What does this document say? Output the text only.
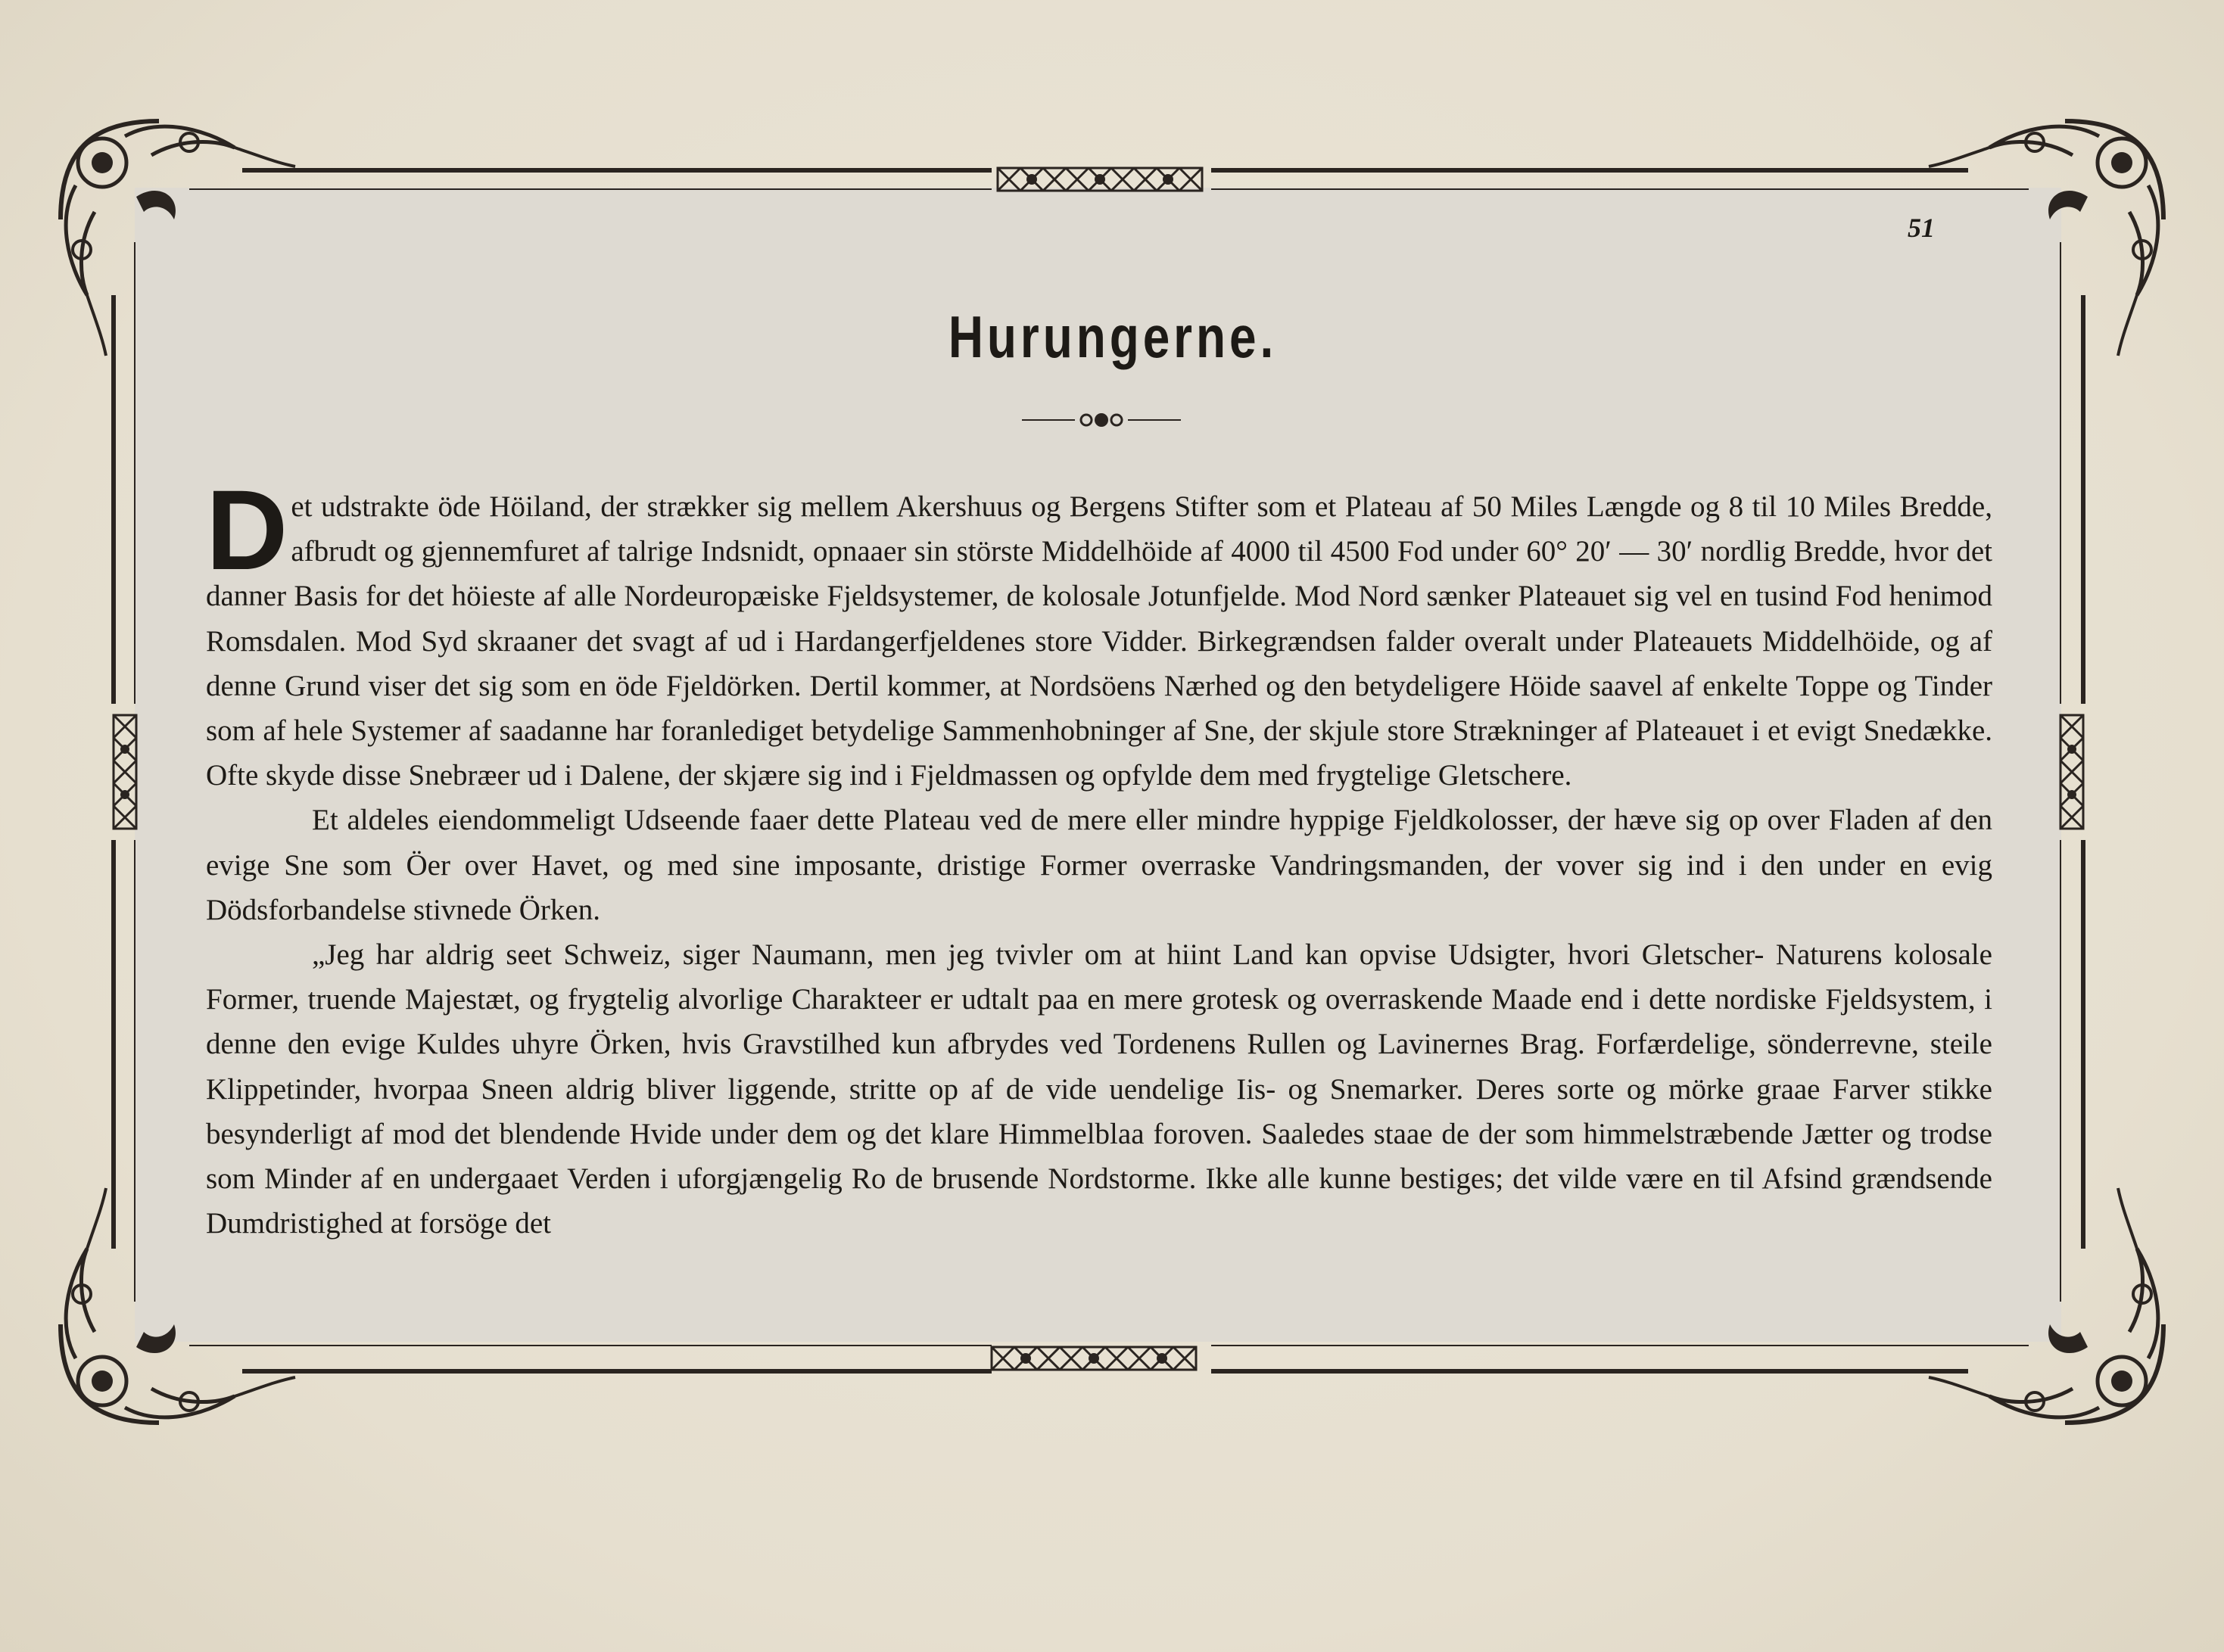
51
Hurungerne.

Det udstrakte öde Höiland, der strækker sig mellem Akershuus og Bergens Stifter som et Plateau af 50 Miles Længde og 8 til 10 Miles Bredde, afbrudt og gjennemfuret af talrige Indsnidt, opnaaer sin störste Middelhöide af 4000 til 4500 Fod under 60° 20′ — 30′ nordlig Bredde, hvor det danner Basis for det höieste af alle Nordeuropæiske Fjeldsystemer, de kolosale Jotunfjelde. Mod Nord sænker Plateauet sig vel en tusind Fod henimod Romsdalen. Mod Syd skraaner det svagt af ud i Hardangerfjeldenes store Vidder. Birkegrændsen falder overalt under Plateauets Middelhöide, og af denne Grund viser det sig som en öde Fjeldörken. Dertil kommer, at Nordsöens Nærhed og den betydeligere Höide saavel af enkelte Toppe og Tinder som af hele Systemer af saadanne har foranlediget betydelige Sammenhobninger af Sne, der skjule store Strækninger af Plateauet i et evigt Snedække. Ofte skyde disse Snebræer ud i Dalene, der skjære sig ind i Fjeldmassen og opfylde dem med frygtelige Gletschere.

Et aldeles eiendommeligt Udseende faaer dette Plateau ved de mere eller mindre hyppige Fjeldkolosser, der hæve sig op over Fladen af den evige Sne som Öer over Havet, og med sine imposante, dristige Former overraske Vandringsmanden, der vover sig ind i den under en evig Dödsforbandelse stivnede Örken.

„Jeg har aldrig seet Schweiz, siger Naumann, men jeg tvivler om at hiint Land kan opvise Udsigter, hvori Gletscher- Naturens kolosale Former, truende Majestæt, og frygtelig alvorlige Charakteer er udtalt paa en mere grotesk og overraskende Maade end i dette nordiske Fjeldsystem, i denne den evige Kuldes uhyre Örken, hvis Gravstilhed kun afbrydes ved Tordenens Rullen og Lavinernes Brag. Forfærdelige, sönderrevne, steile Klippetinder, hvorpaa Sneen aldrig bliver liggende, stritte op af de vide uendelige Iis- og Snemarker. Deres sorte og mörke graae Farver stikke besynderligt af mod det blendende Hvide under dem og det klare Himmelblaa foroven. Saaledes staae de der som himmelstræbende Jætter og trodse som Minder af en undergaaet Verden i uforgjængelig Ro de brusende Nordstorme. Ikke alle kunne bestiges; det vilde være en til Afsind grændsende Dumdristighed at forsöge det
